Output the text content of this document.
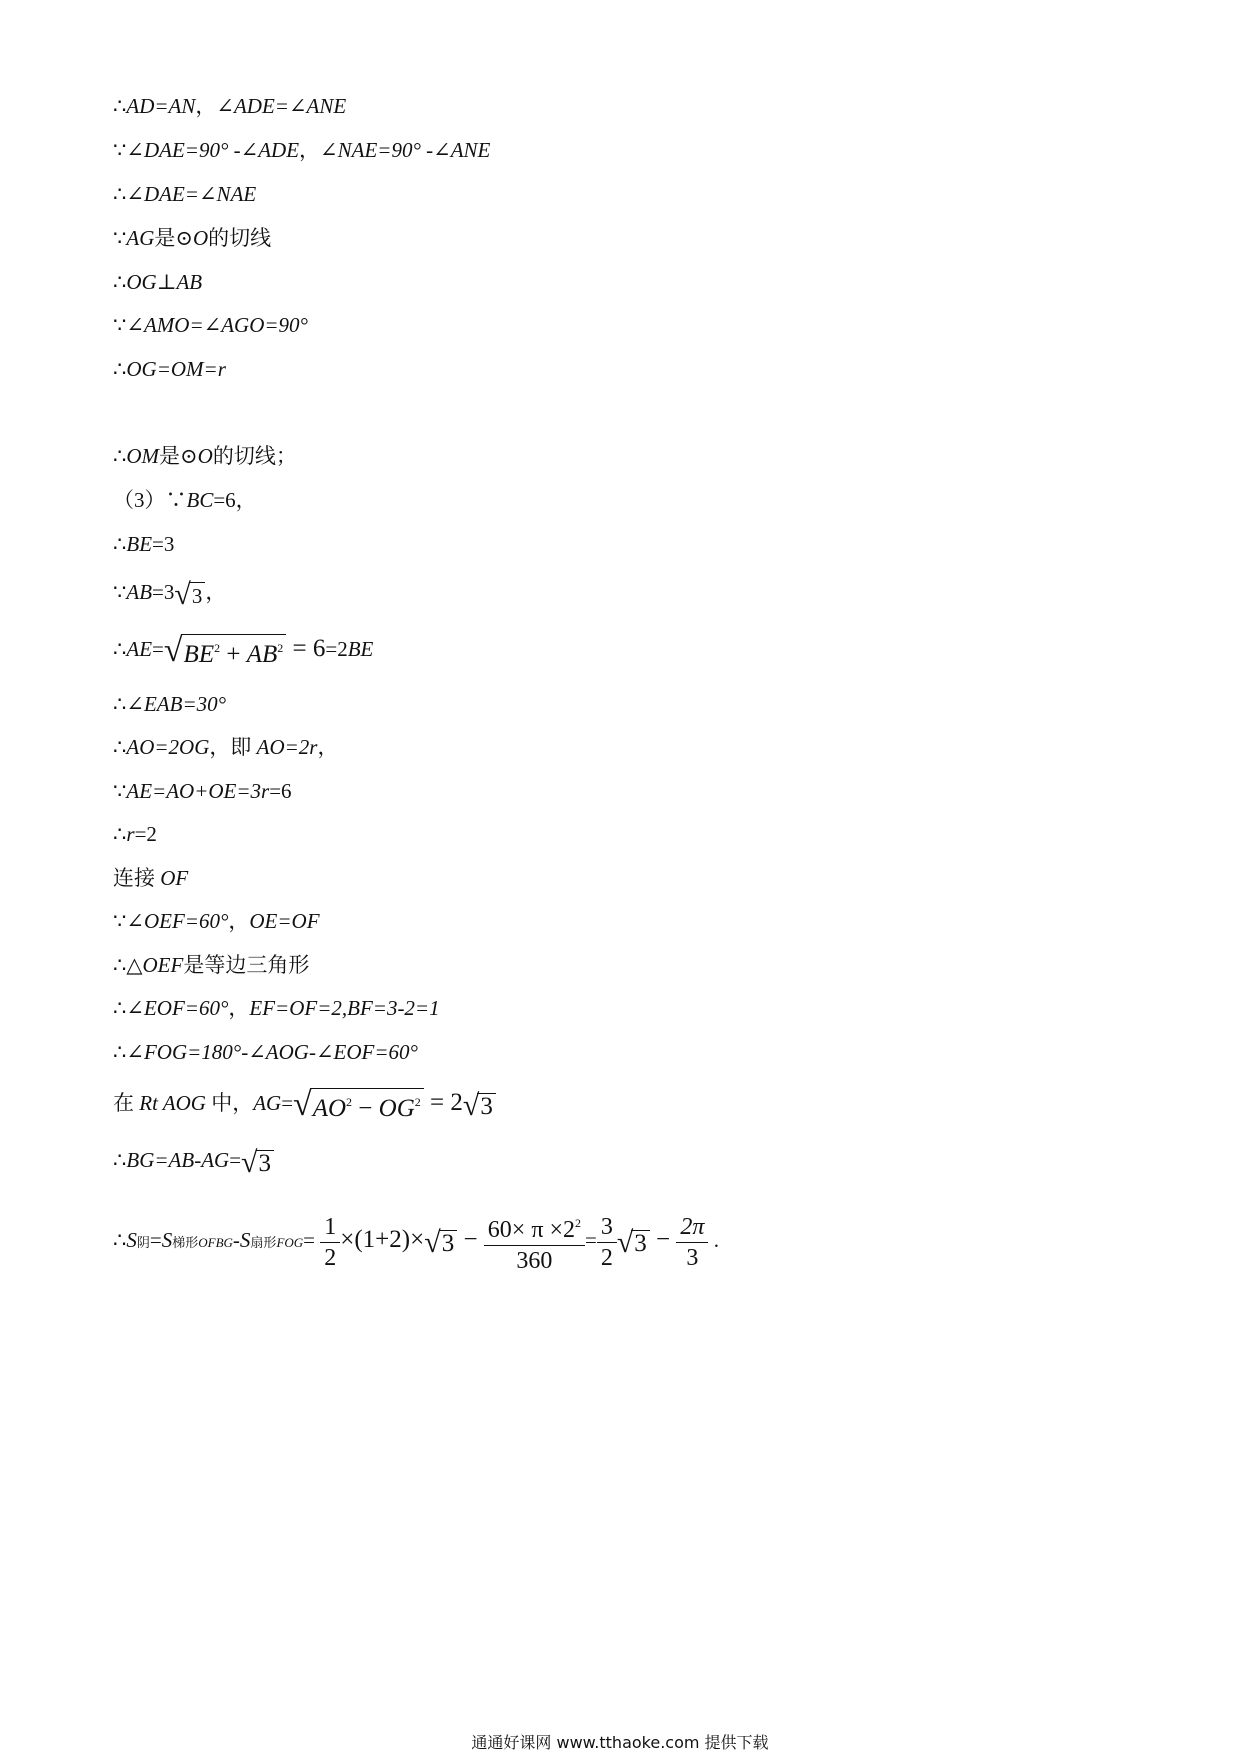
∴AD=AN，∠ADE=∠ANE
∵∠DAE=90° -∠ADE，∠NAE=90° -∠ANE
∴∠DAE=∠NAE
∵AG是⊙O的切线
∴OG⊥AB
∵∠AMO=∠AGO=90°
∴OG=OM=r
∴OM是⊙O的切线；
（3）∵BC=6，
∴BE=3
∵AB=3√3 ，
$\therefore AE=√BE^2 + AB^2 = 6=2BE$
∴∠EAB=30°
∴AO=2OG，即 AO=2r，
∵AE=AO+OE=3r=6
∴r=2
连接 OF
∵∠OEF=60°，OE=OF
∴△OEF是等边三角形
∴∠EOF=60°，EF=OF=2,BF=3-2=1
∴∠FOG=180°-∠AOG-∠EOF=60°
在 Rt AOG 中，$AG=√AO^2 - OG^2 = 2√3$
∴BG=AB-AG=√3
∴S阴=S梯形OFBG-S扇形$FOG= \frac{1}{2} \times(1+2)\times√3 - \frac{60\times \pi \times 2^2}{360} = \frac{3}{2} √3 - \frac{2\pi}{3}$ .
通通好课网 www.tthaoke.com 提供下载
